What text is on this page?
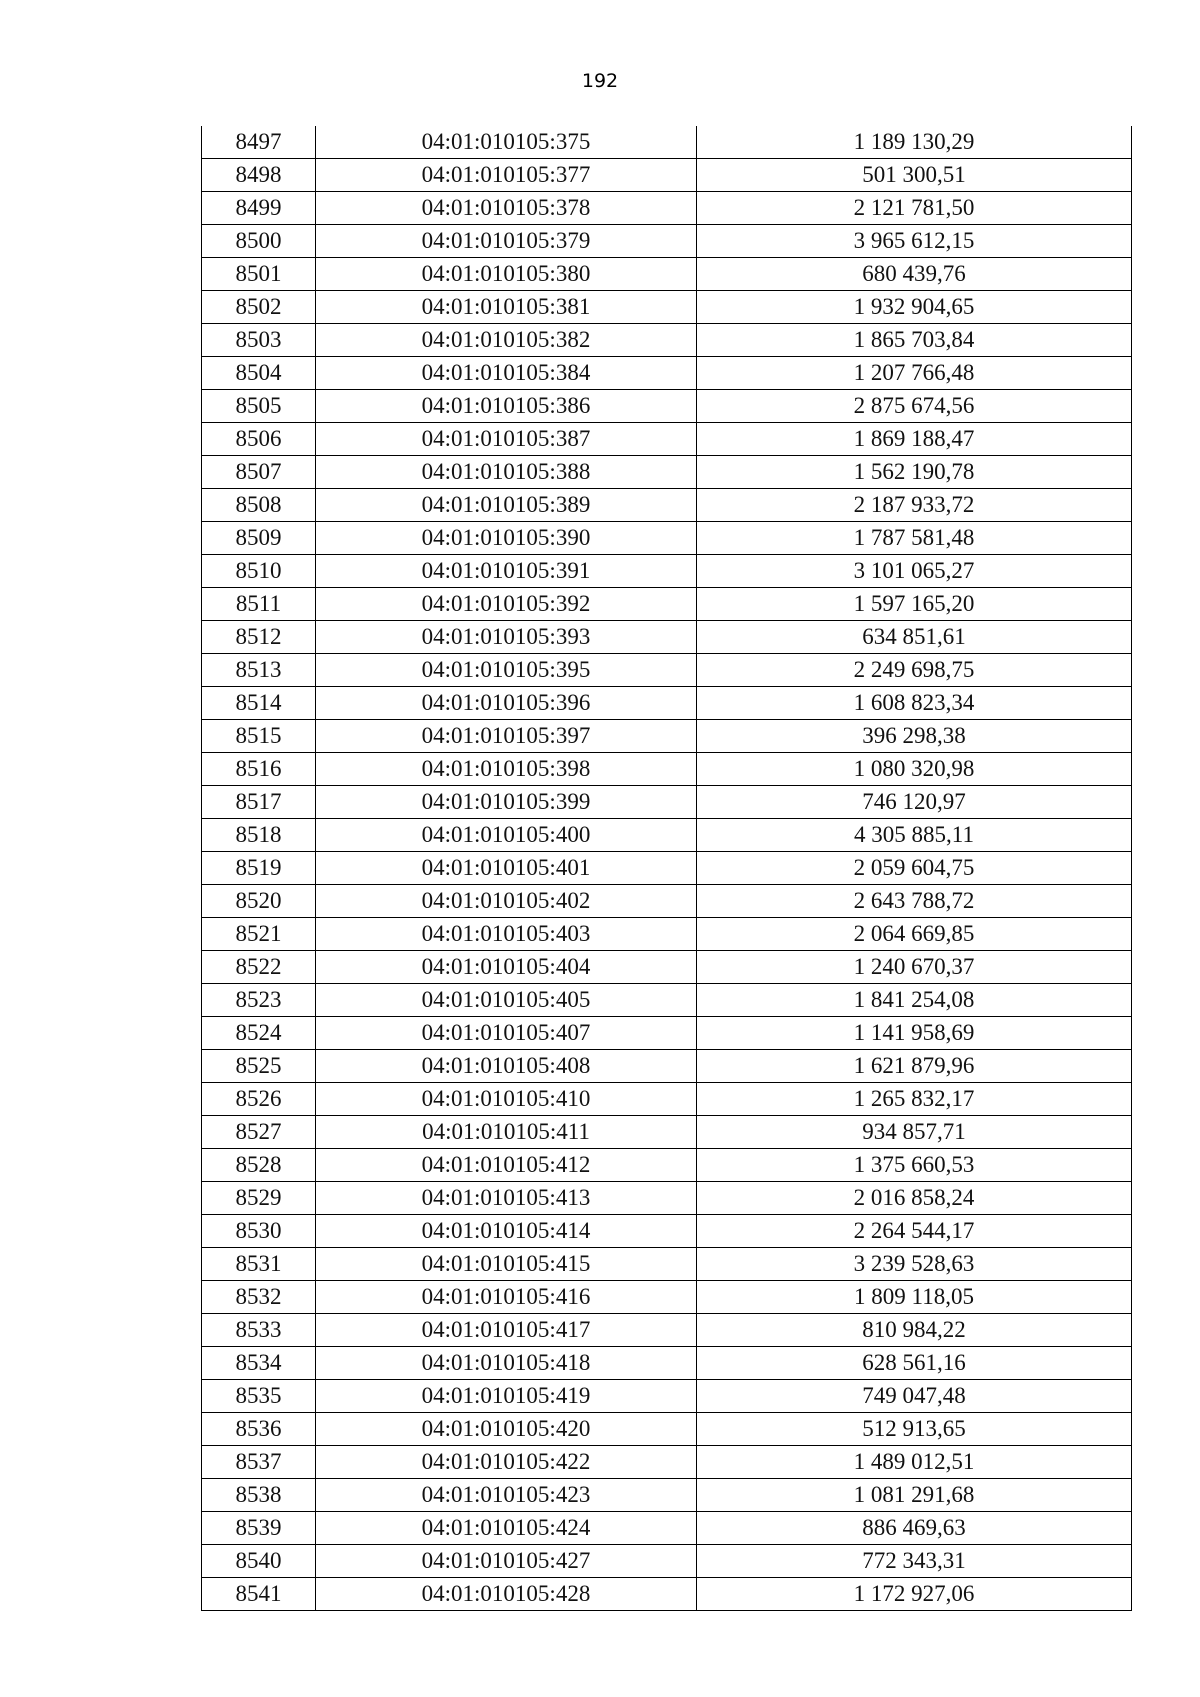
192
8497	04:01:010105:375	1 189 130,29
8498	04:01:010105:377	501 300,51
8499	04:01:010105:378	2 121 781,50
8500	04:01:010105:379	3 965 612,15
8501	04:01:010105:380	680 439,76
8502	04:01:010105:381	1 932 904,65
8503	04:01:010105:382	1 865 703,84
8504	04:01:010105:384	1 207 766,48
8505	04:01:010105:386	2 875 674,56
8506	04:01:010105:387	1 869 188,47
8507	04:01:010105:388	1 562 190,78
8508	04:01:010105:389	2 187 933,72
8509	04:01:010105:390	1 787 581,48
8510	04:01:010105:391	3 101 065,27
8511	04:01:010105:392	1 597 165,20
8512	04:01:010105:393	634 851,61
8513	04:01:010105:395	2 249 698,75
8514	04:01:010105:396	1 608 823,34
8515	04:01:010105:397	396 298,38
8516	04:01:010105:398	1 080 320,98
8517	04:01:010105:399	746 120,97
8518	04:01:010105:400	4 305 885,11
8519	04:01:010105:401	2 059 604,75
8520	04:01:010105:402	2 643 788,72
8521	04:01:010105:403	2 064 669,85
8522	04:01:010105:404	1 240 670,37
8523	04:01:010105:405	1 841 254,08
8524	04:01:010105:407	1 141 958,69
8525	04:01:010105:408	1 621 879,96
8526	04:01:010105:410	1 265 832,17
8527	04:01:010105:411	934 857,71
8528	04:01:010105:412	1 375 660,53
8529	04:01:010105:413	2 016 858,24
8530	04:01:010105:414	2 264 544,17
8531	04:01:010105:415	3 239 528,63
8532	04:01:010105:416	1 809 118,05
8533	04:01:010105:417	810 984,22
8534	04:01:010105:418	628 561,16
8535	04:01:010105:419	749 047,48
8536	04:01:010105:420	512 913,65
8537	04:01:010105:422	1 489 012,51
8538	04:01:010105:423	1 081 291,68
8539	04:01:010105:424	886 469,63
8540	04:01:010105:427	772 343,31
8541	04:01:010105:428	1 172 927,06
